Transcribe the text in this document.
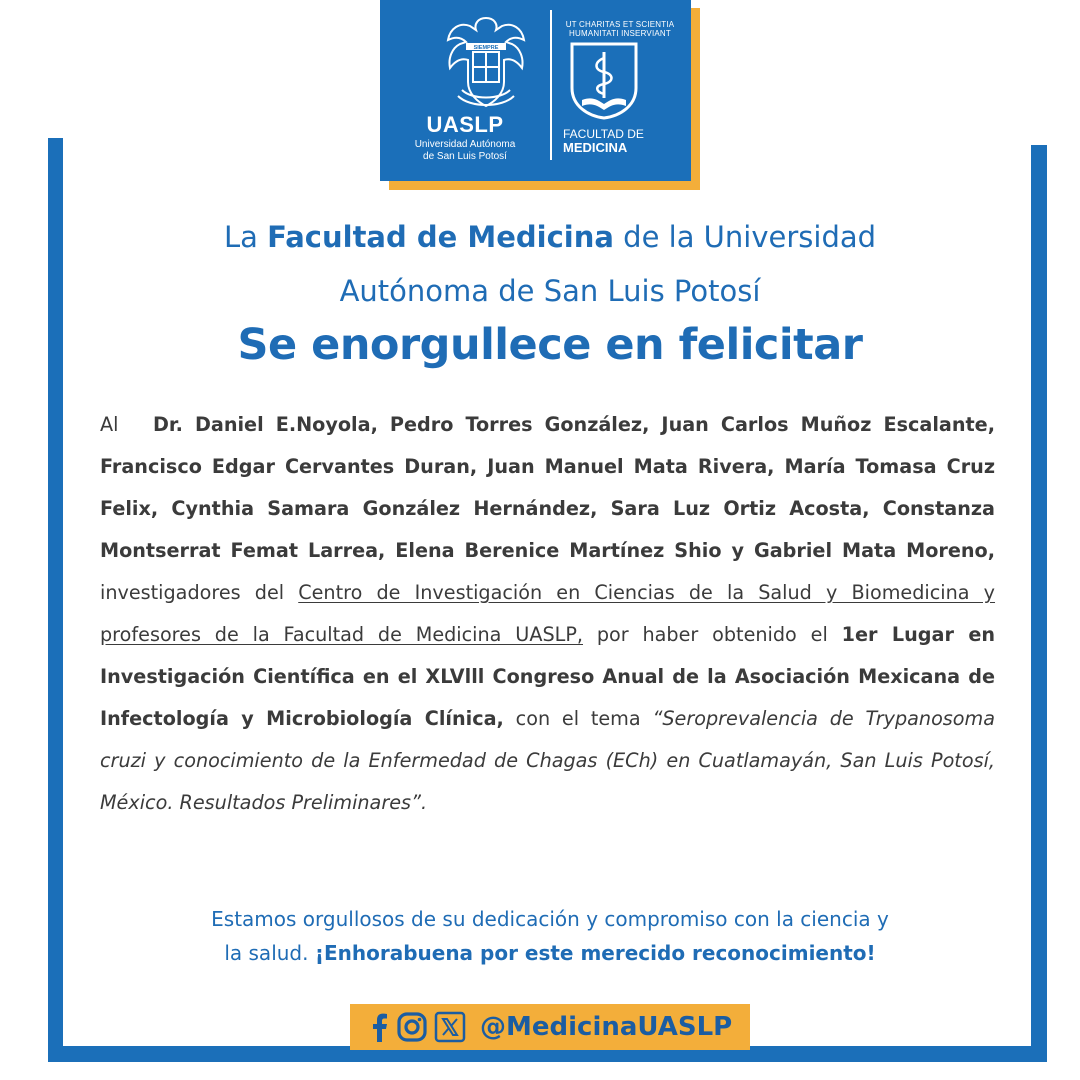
SIEMPRE
UASLP
Universidad Autónoma
de San Luis Potosí
UT CHARITAS ET SCIENTIA
HUMANITATI INSERVIANT
FACULTAD DE
MEDICINA
La Facultad de Medicina de la Universidad
Autónoma de San Luis Potosí
Se enorgullece en felicitar

Al Dr. Daniel E.Noyola, Pedro Torres González, Juan Carlos Muñoz Escalante, Francisco Edgar Cervantes Duran, Juan Manuel Mata Rivera, María Tomasa Cruz Felix, Cynthia Samara González Hernández, Sara Luz Ortiz Acosta, Constanza Montserrat Femat Larrea, Elena Berenice Martínez Shio y Gabriel Mata Moreno, investigadores del Centro de Investigación en Ciencias de la Salud y Biomedicina y profesores de la Facultad de Medicina UASLP, por haber obtenido el 1er Lugar en Investigación Científica en el XLVlll Congreso Anual de la Asociación Mexicana de Infectología y Microbiología Clínica, con el tema “Seroprevalencia de Trypanosoma cruzi y conocimiento de la Enfermedad de Chagas (ECh) en Cuatlamayán, San Luis Potosí, México. Resultados Preliminares”.

Estamos orgullosos de su dedicación y compromiso con la ciencia y
la salud. ¡Enhorabuena por este merecido reconocimiento!
@MedicinaUASLP
